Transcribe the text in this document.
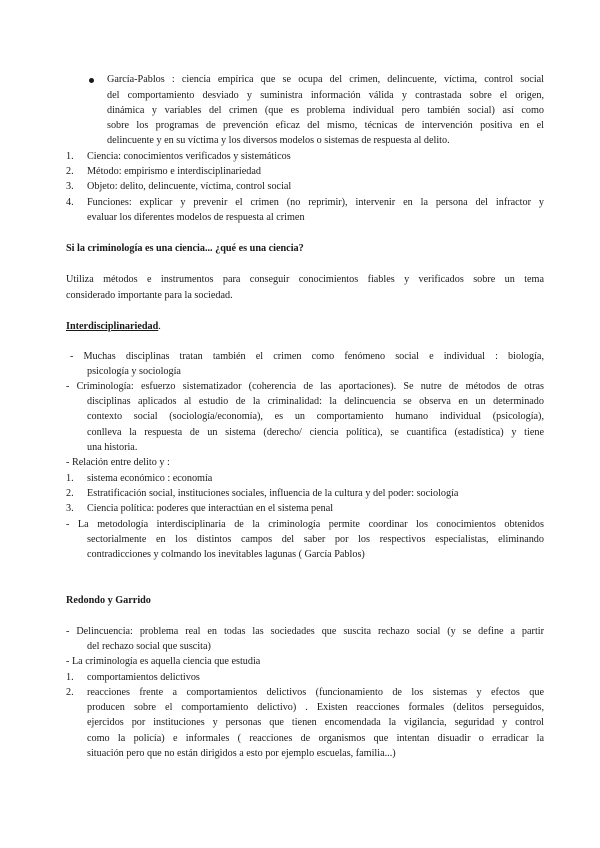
García-Pablos : ciencia empírica que se ocupa del crimen, delincuente, víctima, control social
del comportamiento desviado y suministra información válida y contrastada sobre el origen,
dinámica y variables del crimen (que es problema individual pero también social) así como
sobre los programas de prevención eficaz del mismo, técnicas de intervención positiva en el
delincuente y en su víctima y los diversos modelos o sistemas de respuesta al delito.
1. Ciencia: conocimientos verificados y sistemáticos
2. Método: empirismo e interdisciplinariedad
3. Objeto: delito, delincuente, víctima, control social
4. Funciones: explicar y prevenir el crimen (no reprimir), intervenir en la persona del infractor y
evaluar los diferentes modelos de respuesta al crimen
Si la criminología es una ciencia... ¿qué es una ciencia?
Utiliza métodos e instrumentos para conseguir conocimientos fiables y verificados sobre un tema
considerado importante para la sociedad.
Interdisciplinariedad.
- Muchas disciplinas tratan también el crimen como fenómeno social e individual : biología,
psicología y sociología
- Criminología: esfuerzo sistematizador (coherencia de las aportaciones). Se nutre de métodos de otras
disciplinas aplicados al estudio de la criminalidad: la delincuencia se observa en un determinado
contexto social (sociología/economía), es un comportamiento humano individual (psicología),
conlleva la respuesta de un sistema (derecho/ ciencia política), se cuantifica (estadística) y tiene
una historia.
- Relación entre delito y :
1. sistema económico : economía
2. Estratificación social, instituciones sociales, influencia de la cultura y del poder: sociología
3. Ciencia política: poderes que interactúan en el sistema penal
- La metodología interdisciplinaria de la criminología permite coordinar los conocimientos obtenidos
sectorialmente en los distintos campos del saber por los respectivos especialistas, eliminando
contradicciones y colmando los inevitables lagunas ( García Pablos)
Redondo y Garrido
- Delincuencia: problema real en todas las sociedades que suscita rechazo social (y se define a partir
del rechazo social que suscita)
- La criminología es aquella ciencia que estudia
1. comportamientos delictivos
2. reacciones frente a comportamientos delictivos (funcionamiento de los sistemas y efectos que
producen sobre el comportamiento delictivo) . Existen reacciones formales (delitos perseguidos,
ejercidos por instituciones y personas que tienen encomendada la vigilancia, seguridad y control
como la policía) e informales ( reacciones de organismos que intentan disuadir o erradicar la
situación pero que no están dirigidos a esto por ejemplo escuelas, familia...)
